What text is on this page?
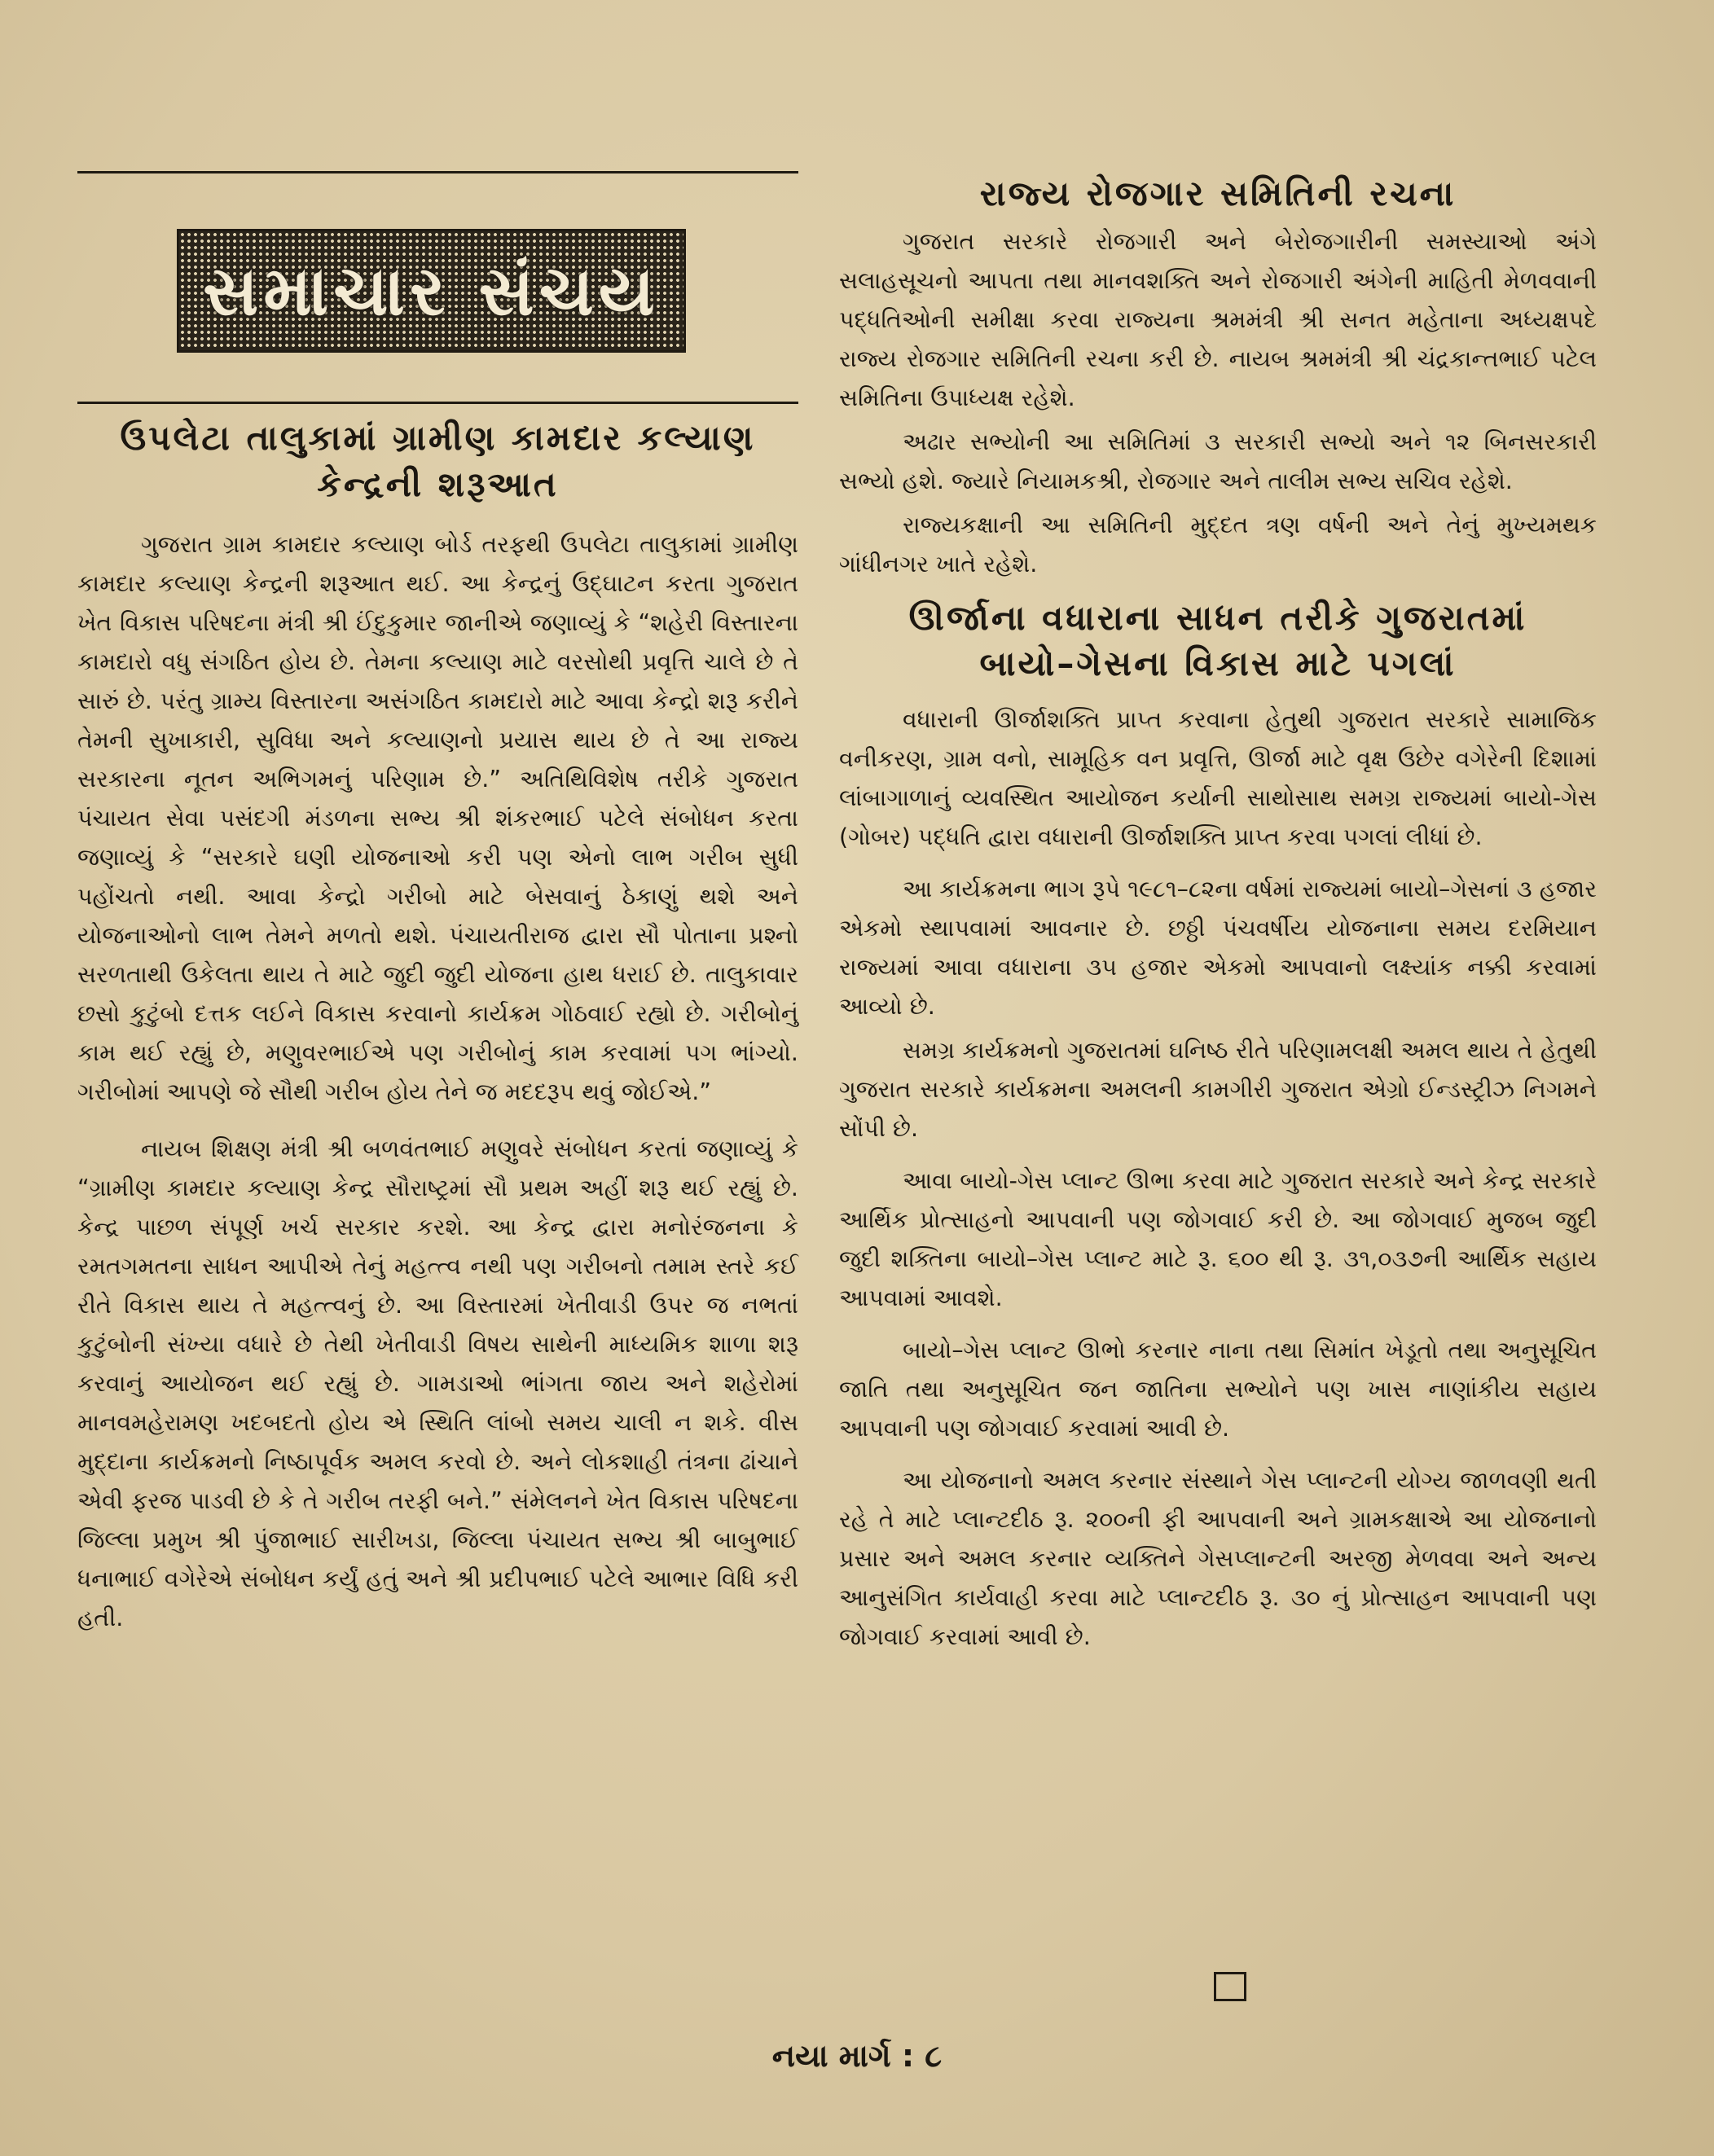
સમાચાર સંચય
ઉપલેટા તાલુકામાં ગ્રામીણ કામદાર કલ્યાણ
કેન્દ્રની શરૂઆત

ગુજરાત ગ્રામ કામદાર કલ્યાણ બોર્ડ તરફથી ઉપલેટા તાલુકામાં ગ્રામીણ કામદાર કલ્યાણ કેન્દ્રની શરૂઆત થઈ. આ કેન્દ્રનું ઉદ્ઘાટન કરતા ગુજરાત ખેત વિકાસ પરિષદના મંત્રી શ્રી ઈંદુકુમાર જાનીએ જણાવ્યું કે “શહેરી વિસ્તારના કામદારો વધુ સંગઠિત હોય છે. તેમના કલ્યાણ માટે વરસોથી પ્રવૃત્તિ ચાલે છે તે સારું છે. પરંતુ ગ્રામ્ય વિસ્તારના અસંગઠિત કામદારો માટે આવા કેન્દ્રો શરૂ કરીને તેમની સુખાકારી, સુવિધા અને કલ્યાણનો પ્રયાસ થાય છે તે આ રાજ્ય સરકારના નૂતન અભિગમનું પરિણામ છે.” અતિથિવિશેષ તરીકે ગુજરાત પંચાયત સેવા પસંદગી મંડળના સભ્ય શ્રી શંકરભાઈ પટેલે સંબોધન કરતા જણાવ્યું કે “સરકારે ઘણી યોજનાઓ કરી પણ એનો લાભ ગરીબ સુધી પહોંચતો નથી. આવા કેન્દ્રો ગરીબો માટે બેસવાનું ઠેકાણું થશે અને યોજનાઓનો લાભ તેમને મળતો થશે. પંચાયતીરાજ દ્વારા સૌ પોતાના પ્રશ્નો સરળતાથી ઉકેલતા થાય તે માટે જુદી જુદી યોજના હાથ ધરાઈ છે. તાલુકાવાર છસો કુટુંબો દત્તક લઈને વિકાસ કરવાનો કાર્યક્રમ ગોઠવાઈ રહ્યો છે. ગરીબોનું કામ થઈ રહ્યું છે, મણુવરભાઈએ પણ ગરીબોનું કામ કરવામાં પગ ભાંગ્યો. ગરીબોમાં આપણે જે સૌથી ગરીબ હોય તેને જ મદદરૂપ થવું જોઈએ.”

નાયબ શિક્ષણ મંત્રી શ્રી બળવંતભાઈ મણુવરે સંબોધન કરતાં જણાવ્યું કે “ગ્રામીણ કામદાર કલ્યાણ કેન્દ્ર સૌરાષ્ટ્રમાં સૌ પ્રથમ અહીં શરૂ થઈ રહ્યું છે. કેન્દ્ર પાછળ સંપૂર્ણ ખર્ચ સરકાર કરશે. આ કેન્દ્ર દ્વારા મનોરંજનના કે રમતગમતના સાધન આપીએ તેનું મહત્ત્વ નથી પણ ગરીબનો તમામ સ્તરે કઈ રીતે વિકાસ થાય તે મહત્ત્વનું છે. આ વિસ્તારમાં ખેતીવાડી ઉપર જ નભતાં કુટુંબોની સંખ્યા વધારે છે તેથી ખેતીવાડી વિષય સાથેની માધ્યમિક શાળા શરૂ કરવાનું આયોજન થઈ રહ્યું છે. ગામડાઓ ભાંગતા જાય અને શહેરોમાં માનવમહેરામણ ખદબદતો હોય એ સ્થિતિ લાંબો સમય ચાલી ન શકે. વીસ મુદ્દાના કાર્યક્રમનો નિષ્ઠાપૂર્વક અમલ કરવો છે. અને લોકશાહી તંત્રના ઢાંચાને એવી ફરજ પાડવી છે કે તે ગરીબ તરફી બને.” સંમેલનને ખેત વિકાસ પરિષદના જિલ્લા પ્રમુખ શ્રી પુંજાભાઈ સારીખડા, જિલ્લા પંચાયત સભ્ય શ્રી બાબુભાઈ ધનાભાઈ વગેરેએ સંબોધન કર્યું હતું અને શ્રી પ્રદીપભાઈ પટેલે આભાર વિધિ કરી હતી.

રાજ્ય રોજગાર સમિતિની રચના

ગુજરાત સરકારે રોજગારી અને બેરોજગારીની સમસ્યાઓ અંગે સલાહસૂચનો આપતા તથા માનવશક્તિ અને રોજગારી અંગેની માહિતી મેળવવાની પદ્ધતિઓની સમીક્ષા કરવા રાજ્યના શ્રમમંત્રી શ્રી સનત મહેતાના અધ્યક્ષપદે રાજ્ય રોજગાર સમિતિની રચના કરી છે. નાયબ શ્રમમંત્રી શ્રી ચંદ્રકાન્તભાઈ પટેલ સમિતિના ઉપાધ્યક્ષ રહેશે.

અઢાર સભ્યોની આ સમિતિમાં ૩ સરકારી સભ્યો અને ૧૨ બિનસરકારી સભ્યો હશે. જ્યારે નિયામકશ્રી, રોજગાર અને તાલીમ સભ્ય સચિવ રહેશે.

રાજ્યકક્ષાની આ સમિતિની મુદ્દત ત્રણ વર્ષની અને તેનું મુખ્યમથક ગાંધીનગર ખાતે રહેશે.

ઊર્જાના વધારાના સાધન તરીકે ગુજરાતમાં
બાયો–ગેસના વિકાસ માટે પગલાં

વધારાની ઊર્જાશક્તિ પ્રાપ્ત કરવાના હેતુથી ગુજરાત સરકારે સામાજિક વનીકરણ, ગ્રામ વનો, સામૂહિક વન પ્રવૃત્તિ, ઊર્જા માટે વૃક્ષ ઉછેર વગેરેની દિશામાં લાંબાગાળાનું વ્યવસ્થિત આયોજન કર્યાની સાથોસાથ સમગ્ર રાજ્યમાં બાયો-ગેસ (ગોબર) પદ્ધતિ દ્વારા વધારાની ઊર્જાશક્તિ પ્રાપ્ત કરવા પગલાં લીધાં છે.

આ કાર્યક્રમના ભાગ રૂપે ૧૯૮૧–૮૨ના વર્ષમાં રાજ્યમાં બાયો–ગેસનાં ૩ હજાર એકમો સ્થાપવામાં આવનાર છે. છઠ્ઠી પંચવર્ષીય યોજનાના સમય દરમિયાન રાજ્યમાં આવા વધારાના ૩૫ હજાર એકમો આપવાનો લક્ષ્યાંક નક્કી કરવામાં આવ્યો છે.

સમગ્ર કાર્યક્રમનો ગુજરાતમાં ઘનિષ્ઠ રીતે પરિણામલક્ષી અમલ થાય તે હેતુથી ગુજરાત સરકારે કાર્યક્રમના અમલની કામગીરી ગુજરાત એગ્રો ઈન્ડસ્ટ્રીઝ નિગમને સોંપી છે.

આવા બાયો-ગેસ પ્લાન્ટ ઊભા કરવા માટે ગુજરાત સરકારે અને કેન્દ્ર સરકારે આર્થિક પ્રોત્સાહનો આપવાની પણ જોગવાઈ કરી છે. આ જોગવાઈ મુજબ જુદી જુદી શક્તિના બાયો–ગેસ પ્લાન્ટ માટે રૂ. ૬૦૦ થી રૂ. ૩૧,૦૩૭ની આર્થિક સહાય આપવામાં આવશે.

બાયો–ગેસ પ્લાન્ટ ઊભો કરનાર નાના તથા સિમાંત ખેડૂતો તથા અનુસૂચિત જાતિ તથા અનુસૂચિત જન જાતિના સભ્યોને પણ ખાસ નાણાંકીય સહાય આપવાની પણ જોગવાઈ કરવામાં આવી છે.

આ યોજનાનો અમલ કરનાર સંસ્થાને ગેસ પ્લાન્ટની યોગ્ય જાળવણી થતી રહે તે માટે પ્લાન્ટદીઠ રૂ. ૨૦૦ની ફી આપવાની અને ગ્રામકક્ષાએ આ યોજનાનો પ્રસાર અને અમલ કરનાર વ્યક્તિને ગેસપ્લાન્ટની અરજી મેળવવા અને અન્ય આનુસંગિત કાર્યવાહી કરવા માટે પ્લાન્ટદીઠ રૂ. ૩૦ નું પ્રોત્સાહન આપવાની પણ જોગવાઈ કરવામાં આવી છે.

નયા માર્ગ : ૮
